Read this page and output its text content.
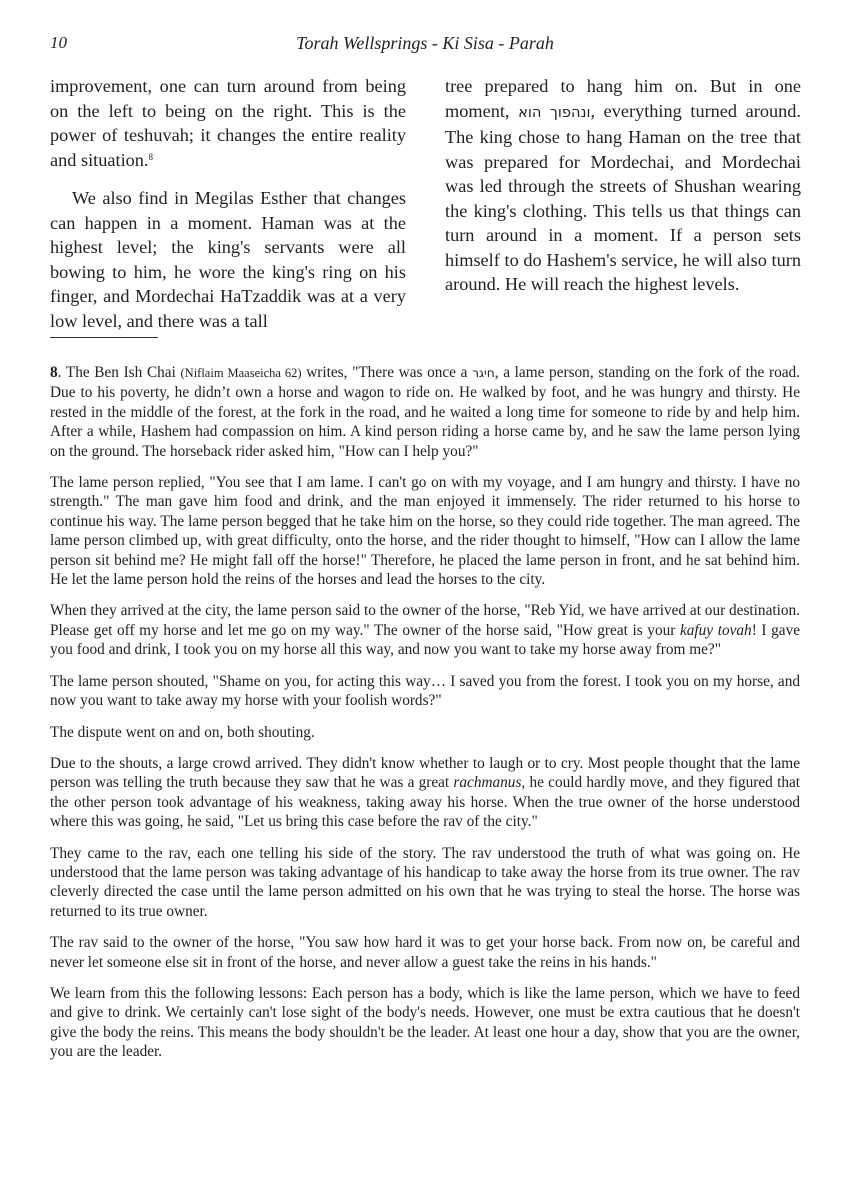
10	Torah Wellsprings - Ki Sisa - Parah

improvement, one can turn around from being on the left to being on the right. This is the power of teshuvah; it changes the entire reality and situation.$^8$

We also find in Megilas Esther that changes can happen in a moment. Haman was at the highest level; the king's servants were all bowing to him, he wore the king's ring on his finger, and Mordechai HaTzaddik was at a very low level, and there was a tall

tree prepared to hang him on. But in one moment, ונהפוך הוא, everything turned around. The king chose to hang Haman on the tree that was prepared for Mordechai, and Mordechai was led through the streets of Shushan wearing the king's clothing. This tells us that things can turn around in a moment. If a person sets himself to do Hashem's service, he will also turn around. He will reach the highest levels.

8. The Ben Ish Chai (Niflaim Maaseicha 62) writes, "There was once a חיגר, a lame person, standing on the fork of the road. Due to his poverty, he didn’t own a horse and wagon to ride on. He walked by foot, and he was hungry and thirsty. He rested in the middle of the forest, at the fork in the road, and he waited a long time for someone to ride by and help him. After a while, Hashem had compassion on him. A kind person riding a horse came by, and he saw the lame person lying on the ground. The horseback rider asked him, "How can I help you?"

The lame person replied, "You see that I am lame. I can't go on with my voyage, and I am hungry and thirsty. I have no strength." The man gave him food and drink, and the man enjoyed it immensely. The rider returned to his horse to continue his way. The lame person begged that he take him on the horse, so they could ride together. The man agreed. The lame person climbed up, with great difficulty, onto the horse, and the rider thought to himself, "How can I allow the lame person sit behind me? He might fall off the horse!" Therefore, he placed the lame person in front, and he sat behind him. He let the lame person hold the reins of the horses and lead the horses to the city.

When they arrived at the city, the lame person said to the owner of the horse, "Reb Yid, we have arrived at our destination. Please get off my horse and let me go on my way." The owner of the horse said, "How great is your kafuy tovah! I gave you food and drink, I took you on my horse all this way, and now you want to take my horse away from me?"

The lame person shouted, "Shame on you, for acting this way… I saved you from the forest. I took you on my horse, and now you want to take away my horse with your foolish words?"

The dispute went on and on, both shouting.

Due to the shouts, a large crowd arrived. They didn't know whether to laugh or to cry. Most people thought that the lame person was telling the truth because they saw that he was a great rachmanus, he could hardly move, and they figured that the other person took advantage of his weakness, taking away his horse. When the true owner of the horse understood where this was going, he said, "Let us bring this case before the rav of the city."

They came to the rav, each one telling his side of the story. The rav understood the truth of what was going on. He understood that the lame person was taking advantage of his handicap to take away the horse from its true owner. The rav cleverly directed the case until the lame person admitted on his own that he was trying to steal the horse. The horse was returned to its true owner.

The rav said to the owner of the horse, "You saw how hard it was to get your horse back. From now on, be careful and never let someone else sit in front of the horse, and never allow a guest take the reins in his hands."

We learn from this the following lessons: Each person has a body, which is like the lame person, which we have to feed and give to drink. We certainly can't lose sight of the body's needs. However, one must be extra cautious that he doesn't give the body the reins. This means the body shouldn't be the leader. At least one hour a day, show that you are the owner, you are the leader.
